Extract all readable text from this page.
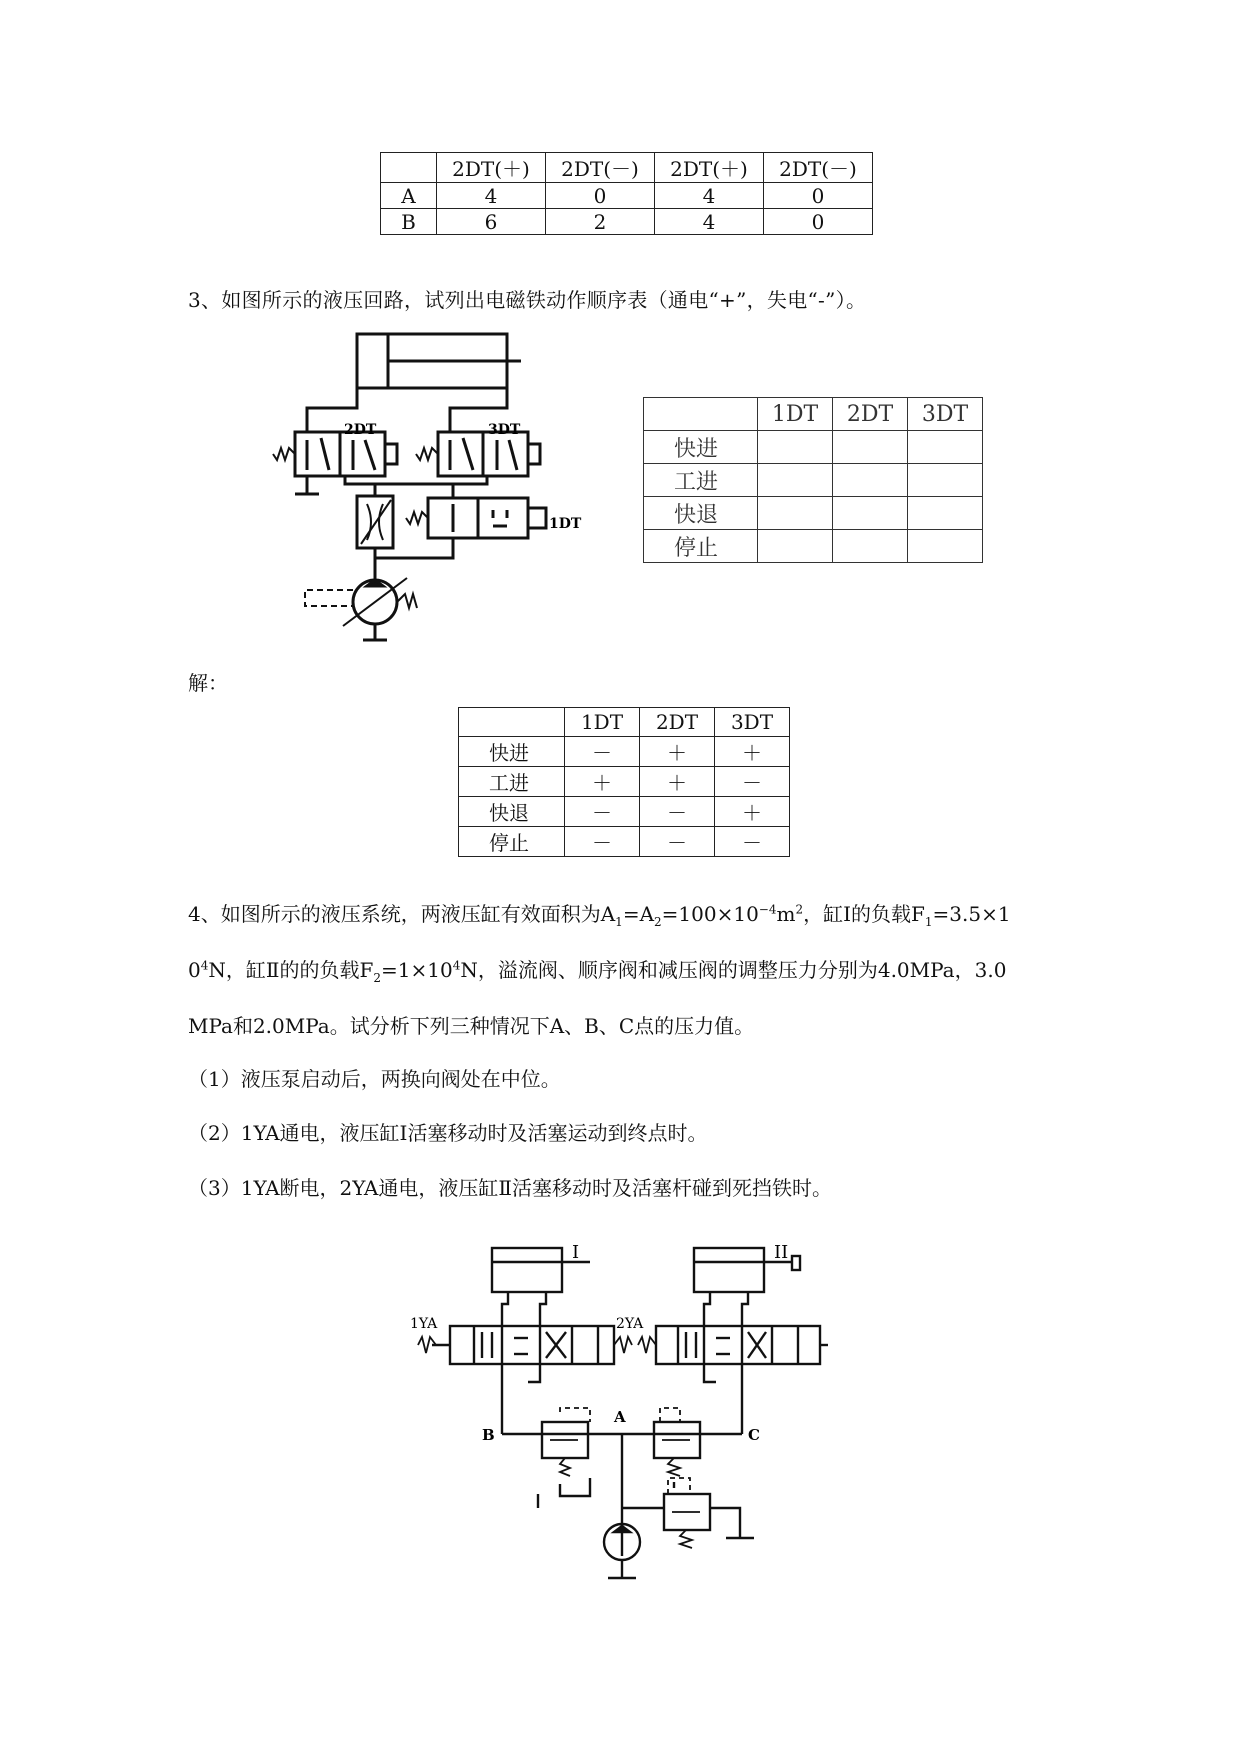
	2DT(＋)	2DT(－)	2DT(＋)	2DT(－)
A	4	0	4	0
B	6	2	4	0
3、如图所示的液压回路，试列出电磁铁动作顺序表（通电“+”，失电“-”）。
2DT	3DT
1DT
	1DT	2DT	3DT
快进			
工进			
快退			
停止			
解：
	1DT	2DT	3DT
快进	－	＋	＋
工进	＋	＋	－
快退	－	－	＋
停止	－	－	－
4、如图所示的液压系统，两液压缸有效面积为$A_1=A_2=100\times 10^{-4}m^2$，缸Ⅰ的负载$F_1=3.5\times 1$
$0^4N$，缸Ⅱ的的负载$F_2=1\times 10^4N$，溢流阀、顺序阀和减压阀的调整压力分别为4.0MPa，3.0
MPa和2.0MPa。试分析下列三种情况下A、B、C点的压力值。
（1）液压泵启动后，两换向阀处在中位。
（2）1YA通电，液压缸Ⅰ活塞移动时及活塞运动到终点时。
（3）1YA断电，2YA通电，液压缸Ⅱ活塞移动时及活塞杆碰到死挡铁时。
I	II
1YA	2YA
A
B	C
